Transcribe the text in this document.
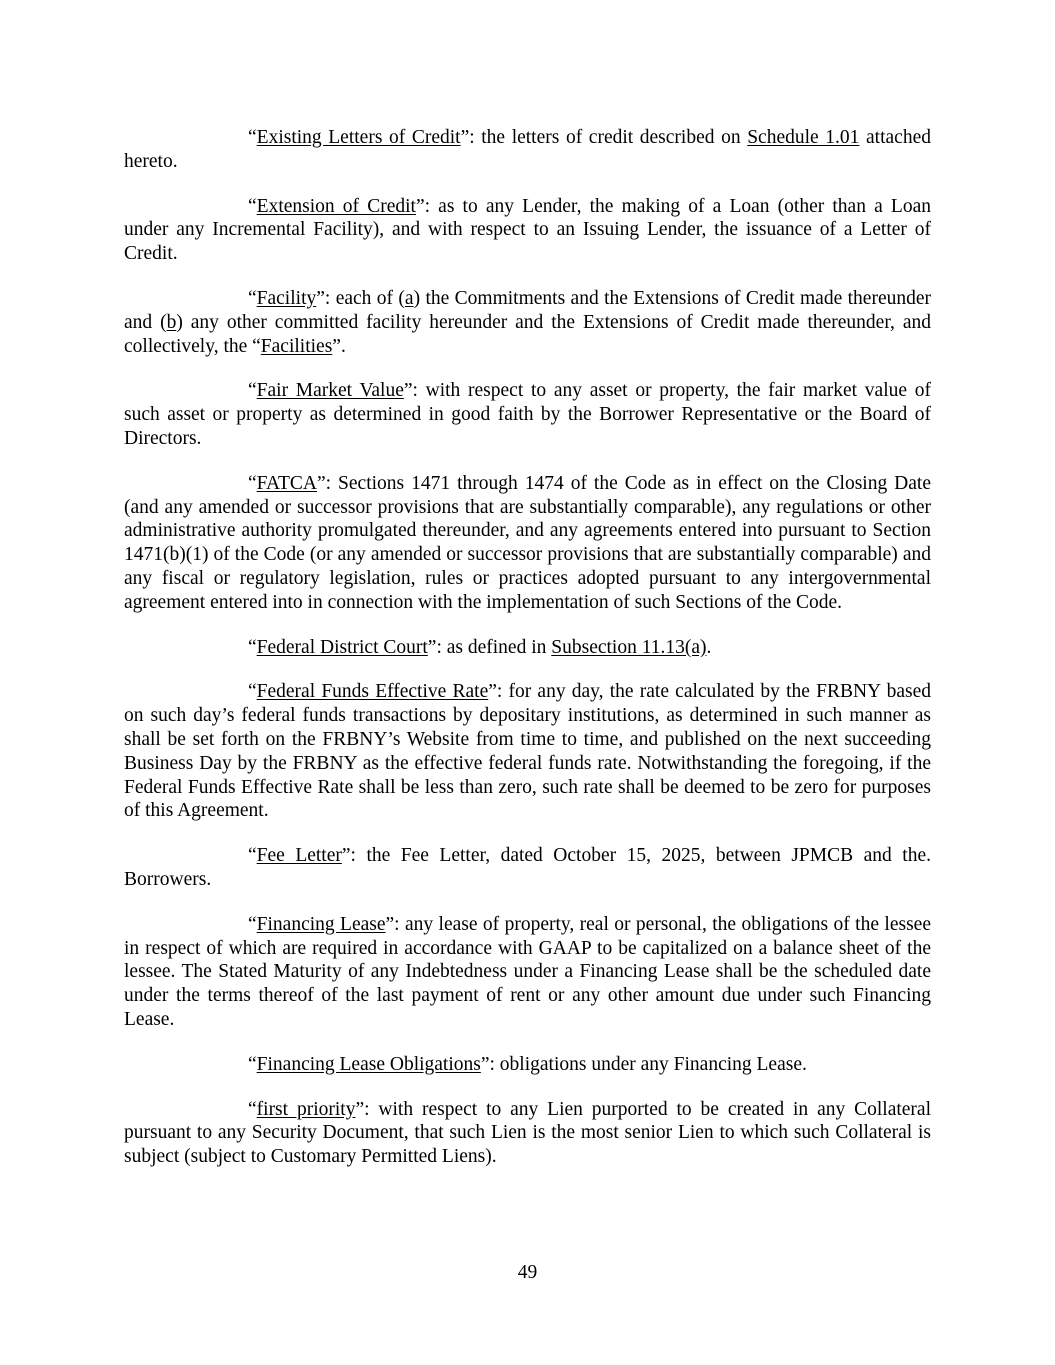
“Existing Letters of Credit”: the letters of credit described on Schedule 1.01 attached hereto.

“Extension of Credit”: as to any Lender, the making of a Loan (other than a Loan under any Incremental Facility), and with respect to an Issuing Lender, the issuance of a Letter of Credit.

“Facility”: each of (a) the Commitments and the Extensions of Credit made thereunder and (b) any other committed facility hereunder and the Extensions of Credit made thereunder, and collectively, the “Facilities”.

“Fair Market Value”: with respect to any asset or property, the fair market value of such asset or property as determined in good faith by the Borrower Representative or the Board of Directors.

“FATCA”: Sections 1471 through 1474 of the Code as in effect on the Closing Date (and any amended or successor provisions that are substantially comparable), any regulations or other administrative authority promulgated thereunder, and any agreements entered into pursuant to Section 1471(b)(1) of the Code (or any amended or successor provisions that are substantially comparable) and any fiscal or regulatory legislation, rules or practices adopted pursuant to any intergovernmental agreement entered into in connection with the implementation of such Sections of the Code.

“Federal District Court”: as defined in Subsection 11.13(a).

“Federal Funds Effective Rate”: for any day, the rate calculated by the FRBNY based on such day’s federal funds transactions by depositary institutions, as determined in such manner as shall be set forth on the FRBNY’s Website from time to time, and published on the next succeeding Business Day by the FRBNY as the effective federal funds rate. Notwithstanding the foregoing, if the Federal Funds Effective Rate shall be less than zero, such rate shall be deemed to be zero for purposes of this Agreement.

“Fee Letter”: the Fee Letter, dated October 15, 2025, between JPMCB and the. Borrowers.

“Financing Lease”: any lease of property, real or personal, the obligations of the lessee in respect of which are required in accordance with GAAP to be capitalized on a balance sheet of the lessee. The Stated Maturity of any Indebtedness under a Financing Lease shall be the scheduled date under the terms thereof of the last payment of rent or any other amount due under such Financing Lease.

“Financing Lease Obligations”: obligations under any Financing Lease.

“first priority”: with respect to any Lien purported to be created in any Collateral pursuant to any Security Document, that such Lien is the most senior Lien to which such Collateral is subject (subject to Customary Permitted Liens).

49
